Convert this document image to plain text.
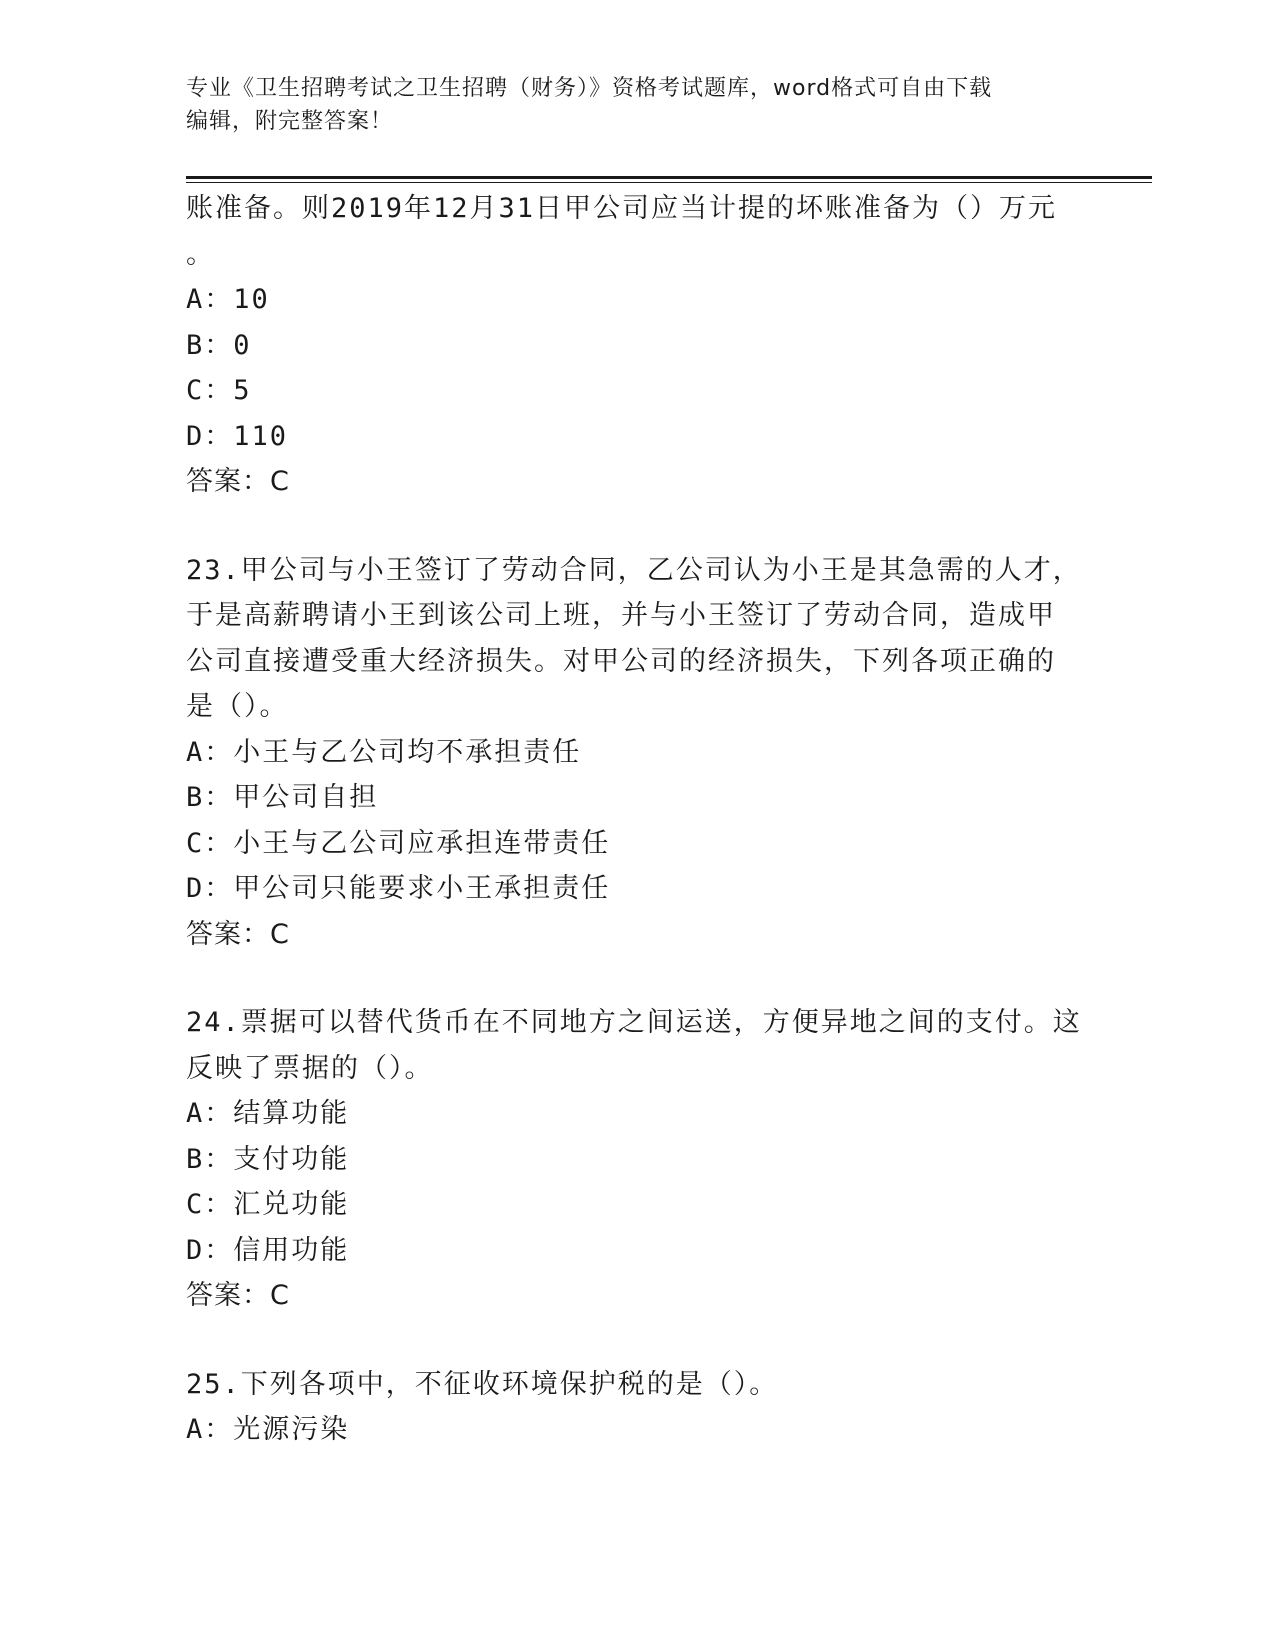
专业《卫生招聘考试之卫生招聘（财务）》资格考试题库，word格式可自由下载
编辑，附完整答案！
账准备。则2019年12月31日甲公司应当计提的坏账准备为（）万元
。
A：10
B：0
C：5
D：110
答案：C
23.甲公司与小王签订了劳动合同，乙公司认为小王是其急需的人才，
于是高薪聘请小王到该公司上班，并与小王签订了劳动合同，造成甲
公司直接遭受重大经济损失。对甲公司的经济损失，下列各项正确的
是（）。
A：小王与乙公司均不承担责任
B：甲公司自担
C：小王与乙公司应承担连带责任
D：甲公司只能要求小王承担责任
答案：C
24.票据可以替代货币在不同地方之间运送，方便异地之间的支付。这
反映了票据的（）。
A：结算功能
B：支付功能
C：汇兑功能
D：信用功能
答案：C
25.下列各项中，不征收环境保护税的是（）。
A：光源污染
